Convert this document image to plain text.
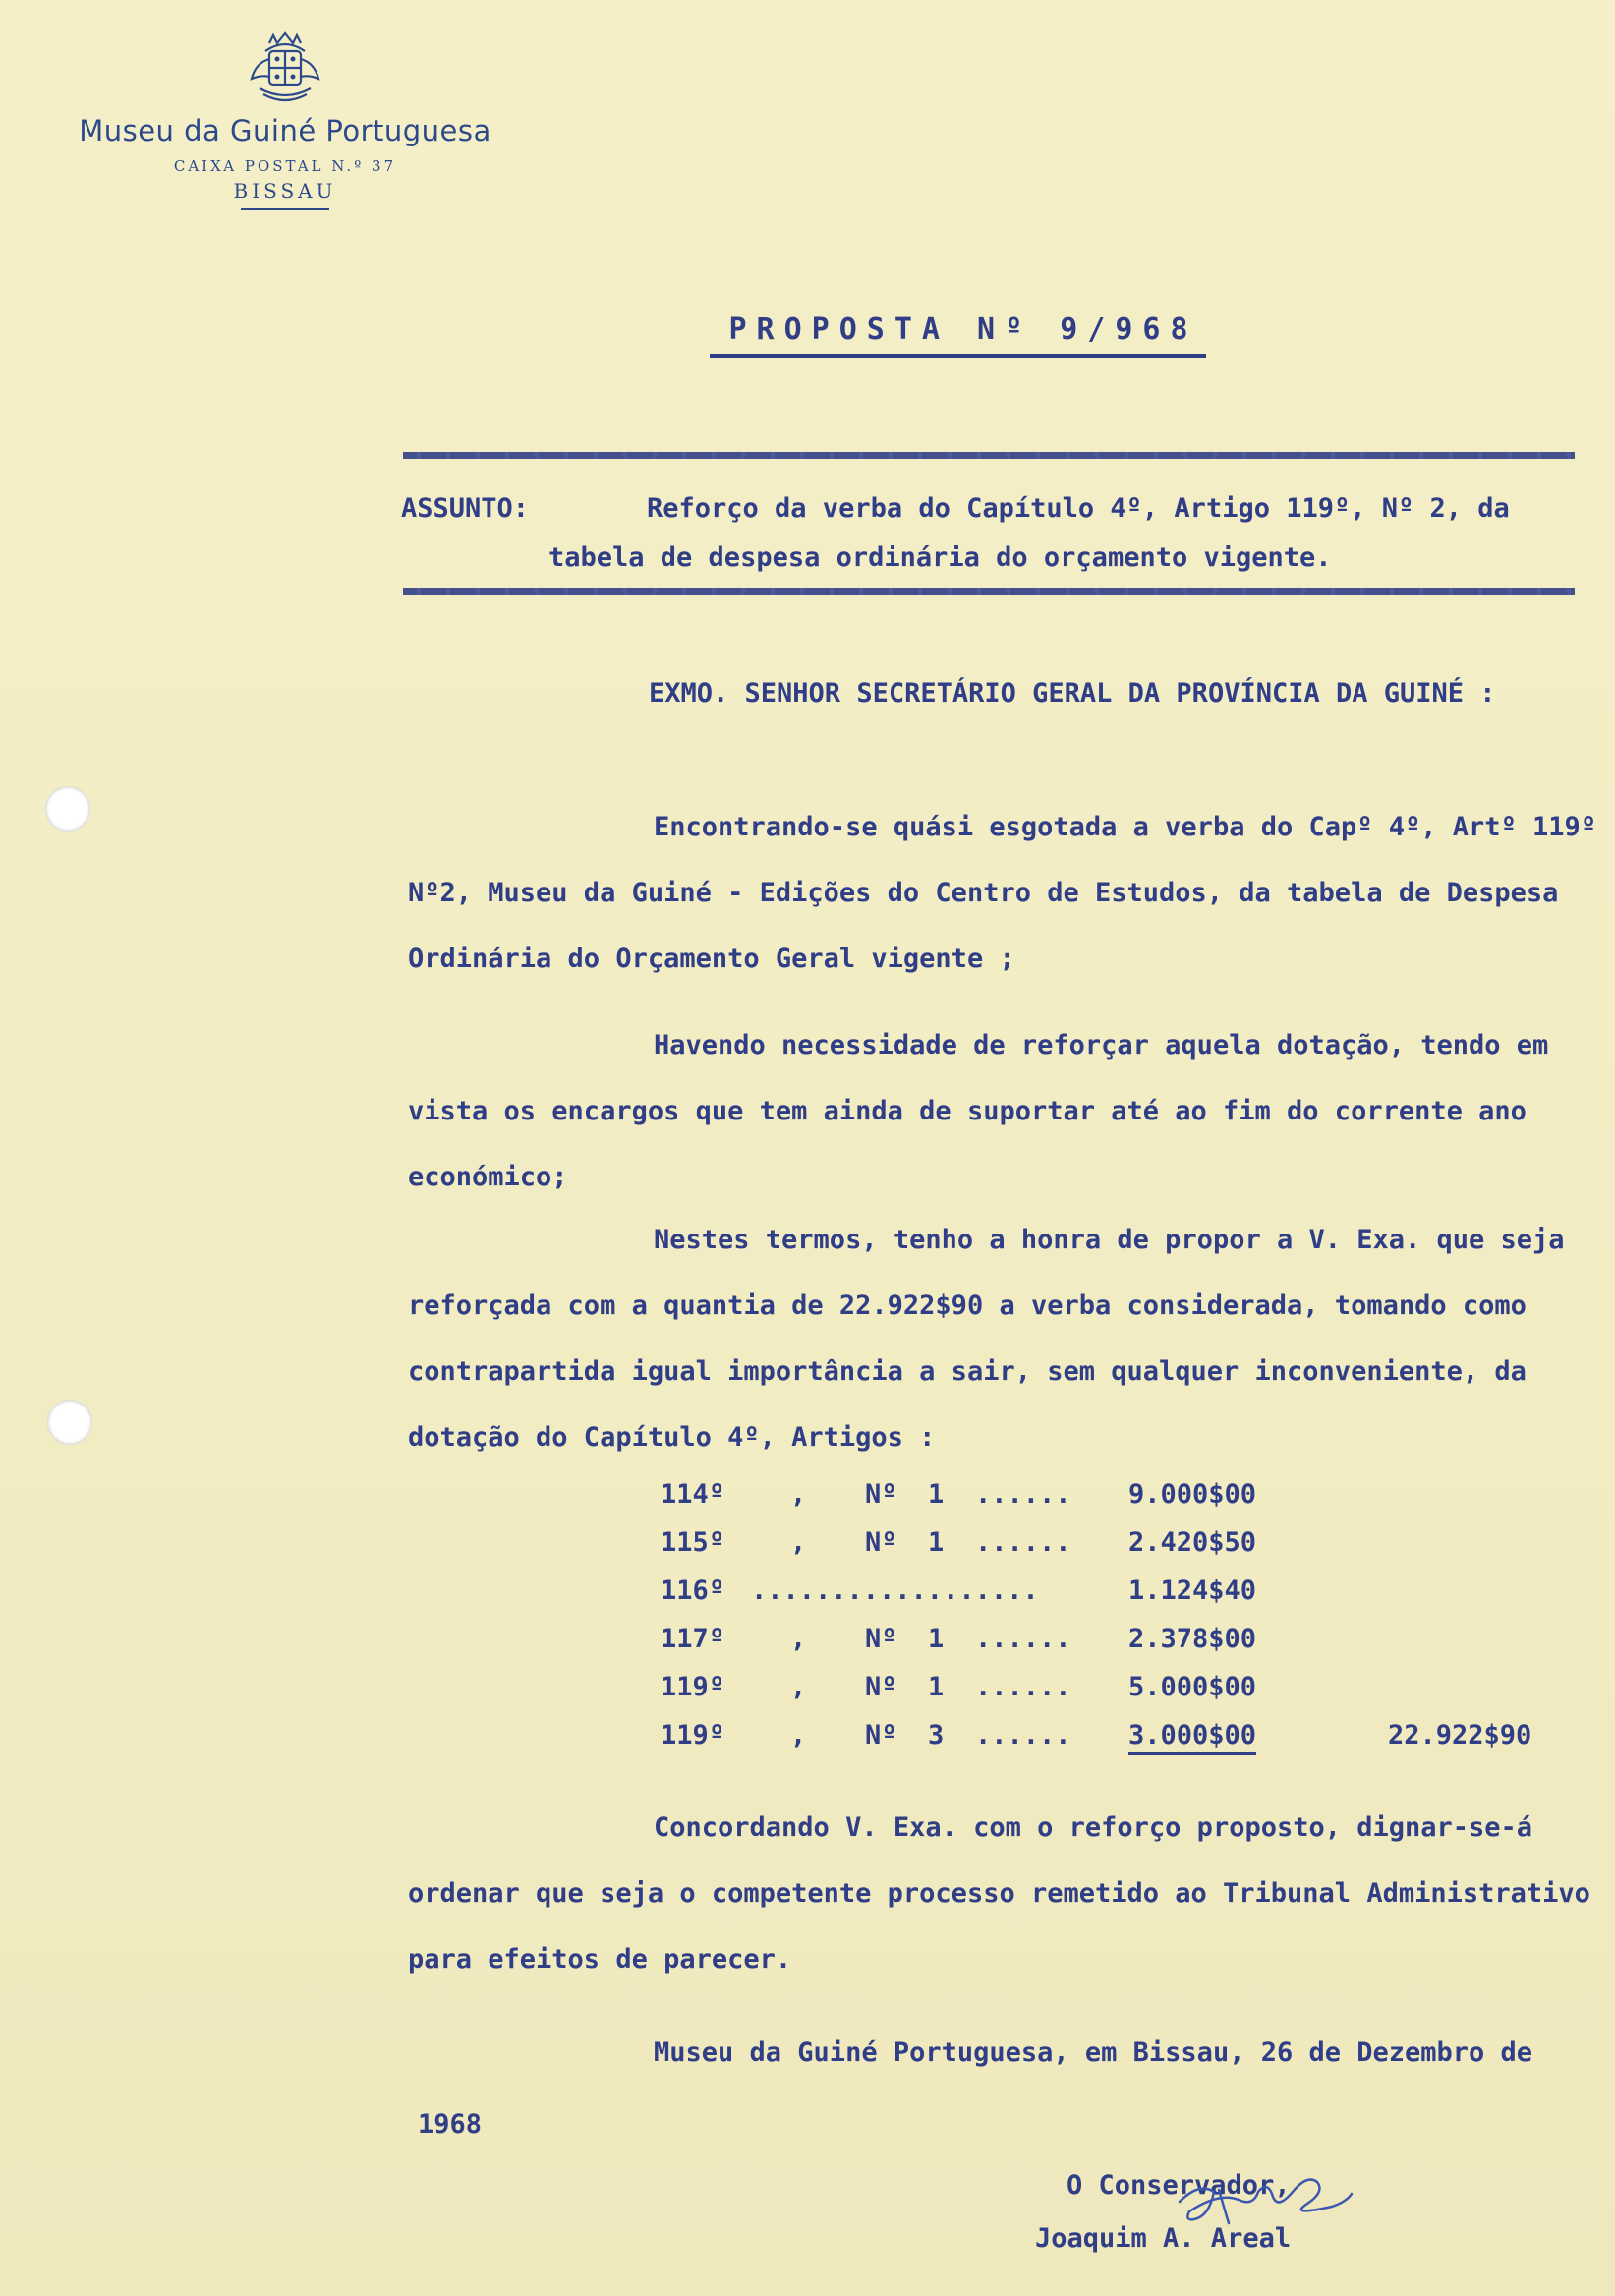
Museu da Guiné Portuguesa
CAIXA POSTAL N.º 37
BISSAU
PROPOSTA Nº 9/968
ASSUNTO:	Reforço da verba do Capítulo 4º, Artigo 119º, Nº 2, da
tabela de despesa ordinária do orçamento vigente.
EXMO. SENHOR SECRETÁRIO GERAL DA PROVÍNCIA DA GUINÉ :
Encontrando-se quási esgotada a verba do Capº 4º, Artº 119º
Nº2, Museu da Guiné - Edições do Centro de Estudos, da tabela de Despesa
Ordinária do Orçamento Geral vigente ;
Havendo necessidade de reforçar aquela dotação, tendo em
vista os encargos que tem ainda de suportar até ao fim do corrente ano
económico;
Nestes termos, tenho a honra de propor a V. Exa. que seja
reforçada com a quantia de 22.922$90 a verba considerada, tomando como
contrapartida igual importância a sair, sem qualquer inconveniente, da
dotação do Capítulo 4º, Artigos :
114º , Nº 1 ...... 9.000$00
115º , Nº 1 ...... 2.420$50
116º ..................	1.124$40
117º , Nº 1 ...... 2.378$00
119º , Nº 1 ...... 5.000$00
119º , Nº 3 ...... 3.000$00	22.922$90
Concordando V. Exa. com o reforço proposto, dignar-se-á
ordenar que seja o competente processo remetido ao Tribunal Administrativo
para efeitos de parecer.
Museu da Guiné Portuguesa, em Bissau, 26 de Dezembro de
1968
O Conservador,
Joaquim A. Areal
